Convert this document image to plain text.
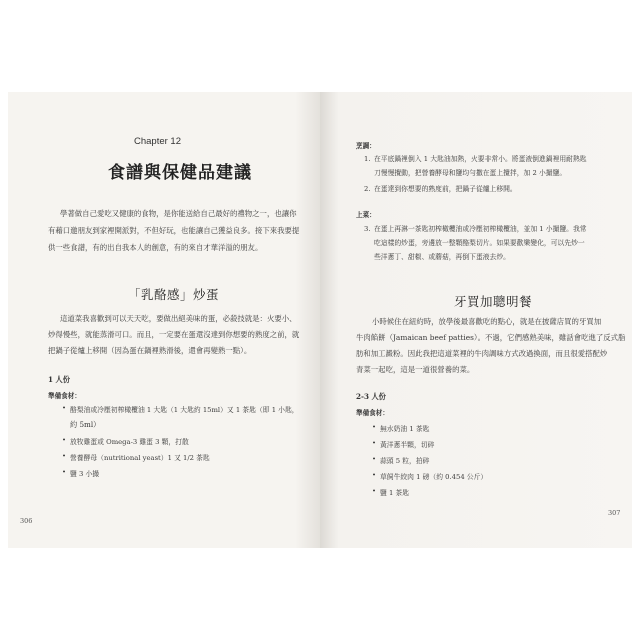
Chapter 12
食譜與保健品建議
學著做自己愛吃又健康的食物，是你能送給自己最好的禮物之一，也讓你
有藉口邀朋友到家裡開派對，不但好玩，也能讓自己獲益良多。接下來我要提
供一些食譜，有的出自我本人的創意，有的來自才華洋溢的朋友。
「乳酪感」炒蛋
這道菜我喜歡到可以天天吃，要做出絕美味的蛋，必殺技就是：火要小、
炒得慢些，就能蒸滑可口。而且，一定要在蛋還沒達到你想要的熟度之前，就
把鍋子從爐上移開（因為蛋在鍋裡熟滑後，還會再變熟一點）。
1 人份
準備食材：
• 酪梨油或冷壓初榨橄欖油 1 大匙（1 大匙約 15ml）又 1 茶匙（即 1 小匙，
約 5ml）
• 放牧雞蛋或 Omega-3 雞蛋 3 顆，打散
• 營養酵母（nutritional yeast）1 又 1/2 茶匙
• 鹽 3 小撮
306
烹調：
1. 在平底鍋裡倒入 1 大匙油加熱，火要非常小。將蛋液倒進鍋裡用耐熱匙
刀慢慢攪動，把營養酵母和鹽均勻撒在蛋上攪拌，加 2 小撮鹽。
2. 在蛋達到你想要的熟度前，把鍋子從爐上移開。
上菜：
3. 在蛋上再淋一茶匙初榨橄欖油或冷壓初榨橄欖油，並加 1 小撮鹽。我常
吃這樣的炒蛋，旁邊放一整顆酪梨切片。如果要歡樂變化，可以先炒一
些洋蔥丁、甜椒、或蘑菇，再倒下蛋液去炒。
牙買加聰明餐
小時候住在紐約時，放學後最喜歡吃的點心，就是在披薩店買的牙買加
牛肉餡餅（Jamaican beef patties）。不過，它們感熟美味，雖話會吃進了反式脂
肪和加工澱粉。因此我把這道菜裡的牛肉調味方式改過換面，而且很愛搭配炒
青菜一起吃，這是一道很營養的菜。
2-3 人份
準備食材：
• 無水奶油 1 茶匙
• 黃洋蔥半顆，切碎
• 蒜頭 5 粒，拍碎
• 草飼牛絞肉 1 磅（約 0.454 公斤）
• 鹽 1 茶匙
307
